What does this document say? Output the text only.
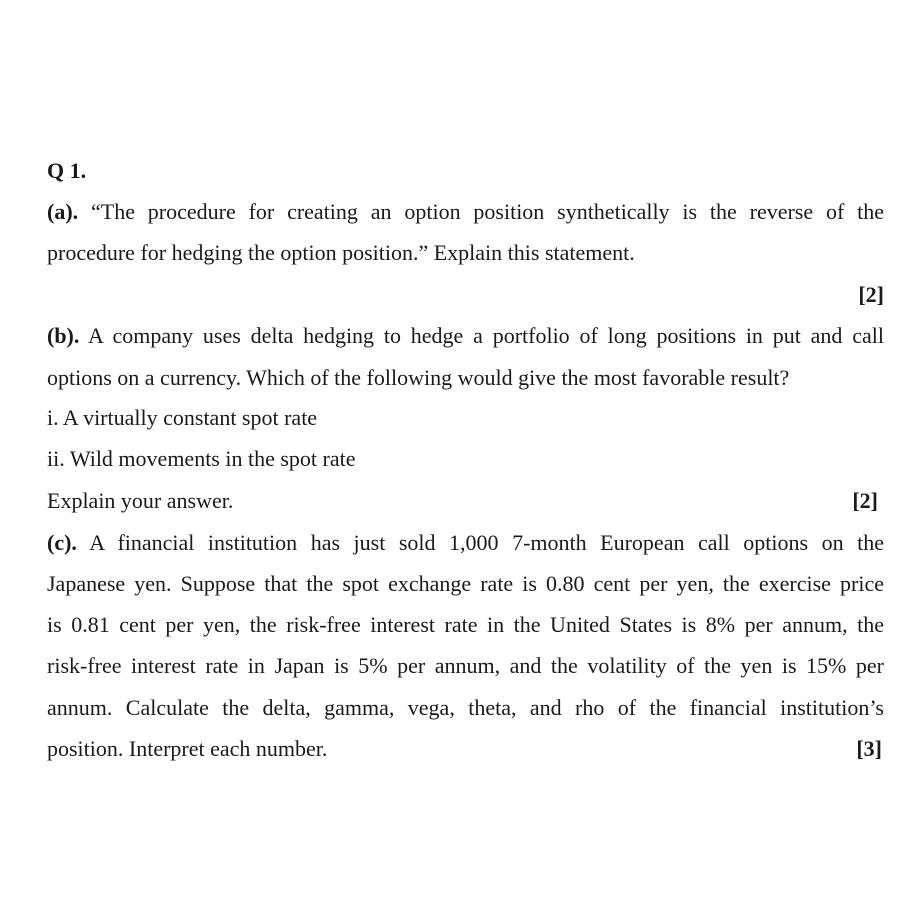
Q 1.
(a). “The procedure for creating an option position synthetically is the reverse of the
procedure for hedging the option position.” Explain this statement.
[2]
(b). A company uses delta hedging to hedge a portfolio of long positions in put and call
options on a currency. Which of the following would give the most favorable result?
i. A virtually constant spot rate
ii. Wild movements in the spot rate
Explain your answer.	[2]
(c). A financial institution has just sold 1,000 7-month European call options on the
Japanese yen. Suppose that the spot exchange rate is 0.80 cent per yen, the exercise price
is 0.81 cent per yen, the risk-free interest rate in the United States is 8% per annum, the
risk-free interest rate in Japan is 5% per annum, and the volatility of the yen is 15% per
annum. Calculate the delta, gamma, vega, theta, and rho of the financial institution’s
position. Interpret each number.	[3]
